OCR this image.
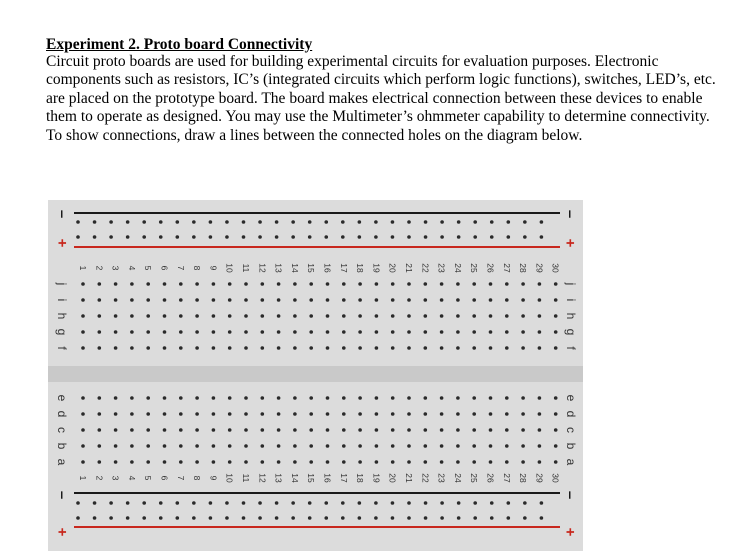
Experiment 2. Proto board Connectivity

Circuit proto boards are used for building experimental circuits for evaluation purposes. Electronic components such as resistors, IC’s (integrated circuits which perform logic functions), switches, LED’s, etc. are placed on the prototype board. The board makes electrical connection between these devices to enable them to operate as designed. You may use the Multimeter’s ohmmeter capability to determine connectivity. To show connections, draw a lines between the connected holes on the diagram below.

–	–
+	+
–	–
+	+
f	f
g	g
h	h
i	i
j	j
a	a
b	b
c	c
d	d
e	e
1
1
2
2
3
3
4
4
5
5
6
6
7
7
8
8
9
9
10
10
11
11
12
12
13
13
14
14
15
15
16
16
17
17
18
18
19
19
20
20
21
21
22
22
23
23
24
24
25
25
26
26
27
27
28
28
29
29
30
30
